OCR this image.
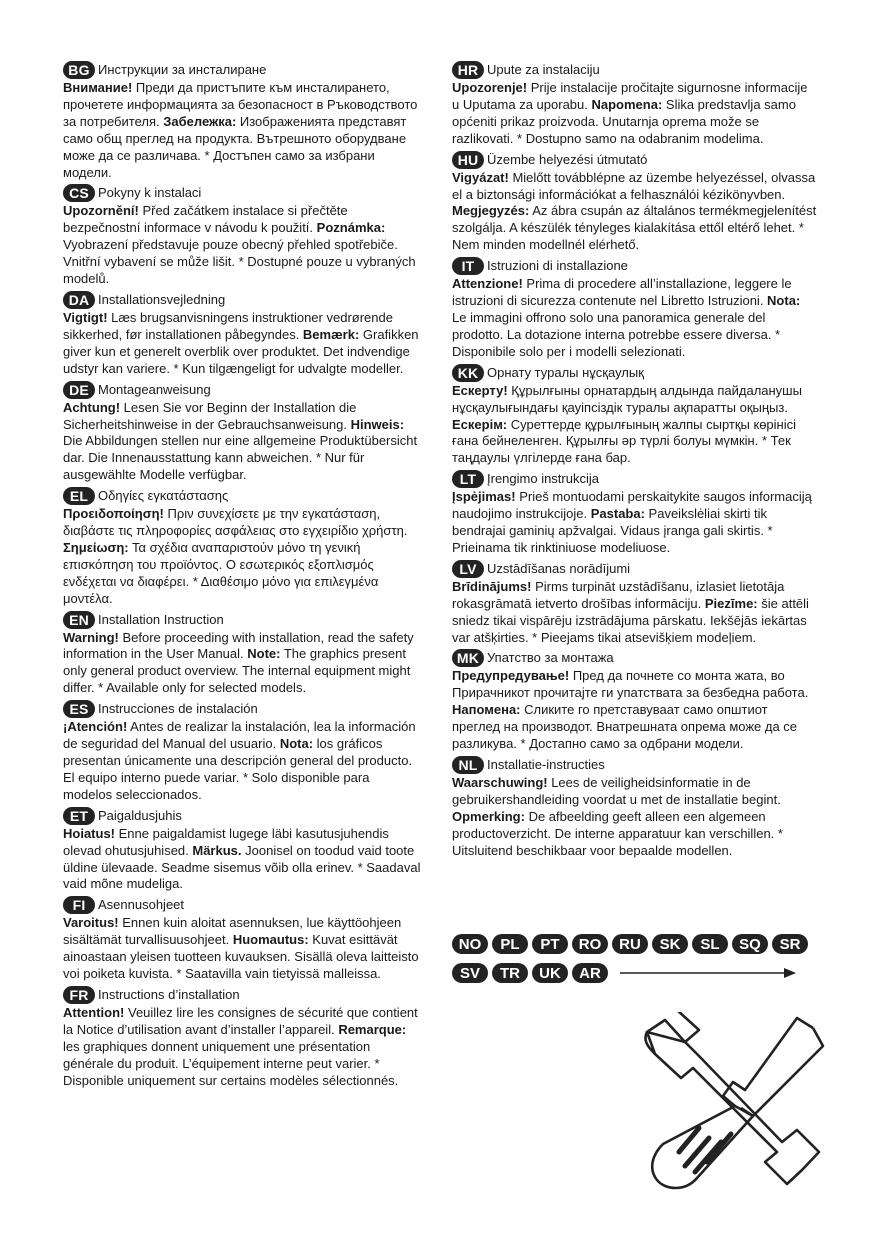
BG Инструкции за инсталиране

Внимание! Преди да пристъпите към инсталирането, прочетете информацията за безопасност в Ръководството за потребителя. Забележка: Изображенията представят само общ преглед на продукта. Вътрешното оборудване може да се различава. * Достъпен само за избрани модели.

CS Pokyny k instalaci

Upozornění! Před začátkem instalace si přečtěte bezpečnostní informace v návodu k použití. Poznámka: Vyobrazení představuje pouze obecný přehled spotřebiče. Vnitřní vybavení se může lišit. * Dostupné pouze u vybraných modelů.

DA Installationsvejledning

Vigtigt! Læs brugsanvisningens instruktioner vedrørende sikkerhed, før installationen påbegyndes. Bemærk: Grafikken giver kun et generelt overblik over produktet. Det indvendige udstyr kan variere. * Kun tilgængeligt for udvalgte modeller.

DE Montageanweisung

Achtung! Lesen Sie vor Beginn der Installation die Sicherheitshinweise in der Gebrauchsanweisung. Hinweis: Die Abbildungen stellen nur eine allgemeine Produktübersicht dar. Die Innenausstattung kann abweichen. * Nur für ausgewählte Modelle verfügbar.

EL Οδηγίες εγκατάστασης

Προειδοποίηση! Πριν συνεχίσετε με την εγκατάσταση, διαβάστε τις πληροφορίες ασφάλειας στο εγχειρίδιο χρήστη. Σημείωση: Τα σχέδια αναπαριστούν μόνο τη γενική επισκόπηση του προϊόντος. Ο εσωτερικός εξοπλισμός ενδέχεται να διαφέρει. * Διαθέσιμο μόνο για επιλεγμένα μοντέλα.

EN Installation Instruction

Warning! Before proceeding with installation, read the safety information in the User Manual. Note: The graphics present only general product overview. The internal equipment might differ. * Available only for selected models.

ES Instrucciones de instalación

¡Atención! Antes de realizar la instalación, lea la información de seguridad del Manual del usuario. Nota: los gráficos presentan únicamente una descripción general del producto. El equipo interno puede variar. * Solo disponible para modelos seleccionados.

ET Paigaldusjuhis

Hoiatus! Enne paigaldamist lugege läbi kasutusjuhendis olevad ohutusjuhised. Märkus. Joonisel on toodud vaid toote üldine ülevaade. Seadme sisemus võib olla erinev. * Saadaval vaid mõne mudeliga.

FI Asennusohjeet

Varoitus! Ennen kuin aloitat asennuksen, lue käyttöohjeen sisältämät turvallisuusohjeet. Huomautus: Kuvat esittävät ainoastaan yleisen tuotteen kuvauksen. Sisällä oleva laitteisto voi poiketa kuvista. * Saatavilla vain tietyissä malleissa.

FR Instructions d’installation

Attention! Veuillez lire les consignes de sécurité que contient la Notice d’utilisation avant d’installer l’appareil. Remarque: les graphiques donnent uniquement une présentation générale du produit. L’équipement interne peut varier. * Disponible uniquement sur certains modèles sélectionnés.

HR Upute za instalaciju

Upozorenje! Prije instalacije pročitajte sigurnosne informacije u Uputama za uporabu. Napomena: Slika predstavlja samo općeniti prikaz proizvoda. Unutarnja oprema može se razlikovati. * Dostupno samo na odabranim modelima.

HU Üzembe helyezési útmutató

Vigyázat! Mielőtt továbblépne az üzembe helyezéssel, olvassa el a biztonsági információkat a felhasználói kézikönyvben. Megjegyzés: Az ábra csupán az általános termékmegjelenítést szolgálja. A készülék tényleges kialakítása ettől eltérő lehet. * Nem minden modellnél elérhető.

IT Istruzioni di installazione

Attenzione! Prima di procedere all’installazione, leggere le istruzioni di sicurezza contenute nel Libretto Istruzioni. Nota: Le immagini offrono solo una panoramica generale del prodotto. La dotazione interna potrebbe essere diversa. * Disponibile solo per i modelli selezionati.

KK Орнату туралы нұсқаулық

Ескерту! Құрылғыны орнатардың алдында пайдаланушы нұсқаулығындағы қауіпсіздік туралы ақпаратты оқыңыз. Ескерім: Суреттерде құрылғының жалпы сыртқы көрінісі ғана бейнеленген. Құрылғы әр түрлі болуы мүмкін. * Тек таңдаулы үлгілерде ғана бар.

LT Įrengimo instrukcija

Įspėjimas! Prieš montuodami perskaitykite saugos informaciją naudojimo instrukcijoje. Pastaba: Paveikslėliai skirti tik bendrajai gaminių apžvalgai. Vidaus įranga gali skirtis. * Prieinama tik rinktiniuose modeliuose.

LV Uzstādīšanas norādījumi

Brīdinājums! Pirms turpināt uzstādīšanu, izlasiet lietotāja rokasgrāmatā ietverto drošības informāciju. Piezīme: šie attēli sniedz tikai vispārēju izstrādājuma pārskatu. Iekšējās iekārtas var atšķirties. * Pieejams tikai atsevišķiem modeļiem.

MK Упатство за монтажа

Предупредување! Пред да почнете со монта жата, во Прирачникот прочитајте ги упатствата за безбедна работа. Напомена: Сликите го претставуваат само општиот преглед на производот. Внатрешната опрема може да се разликува. * Достапно само за одбрани модели.

NL Installatie-instructies

Waarschuwing! Lees de veiligheidsinformatie in de gebruikershandleiding voordat u met de installatie begint. Opmerking: De afbeelding geeft alleen een algemeen productoverzicht. De interne apparatuur kan verschillen. * Uitsluitend beschikbaar voor bepaalde modellen.

NO	PL	PT	RO	RU	SK	SL	SQ	SR
SV	TR	UK	AR
